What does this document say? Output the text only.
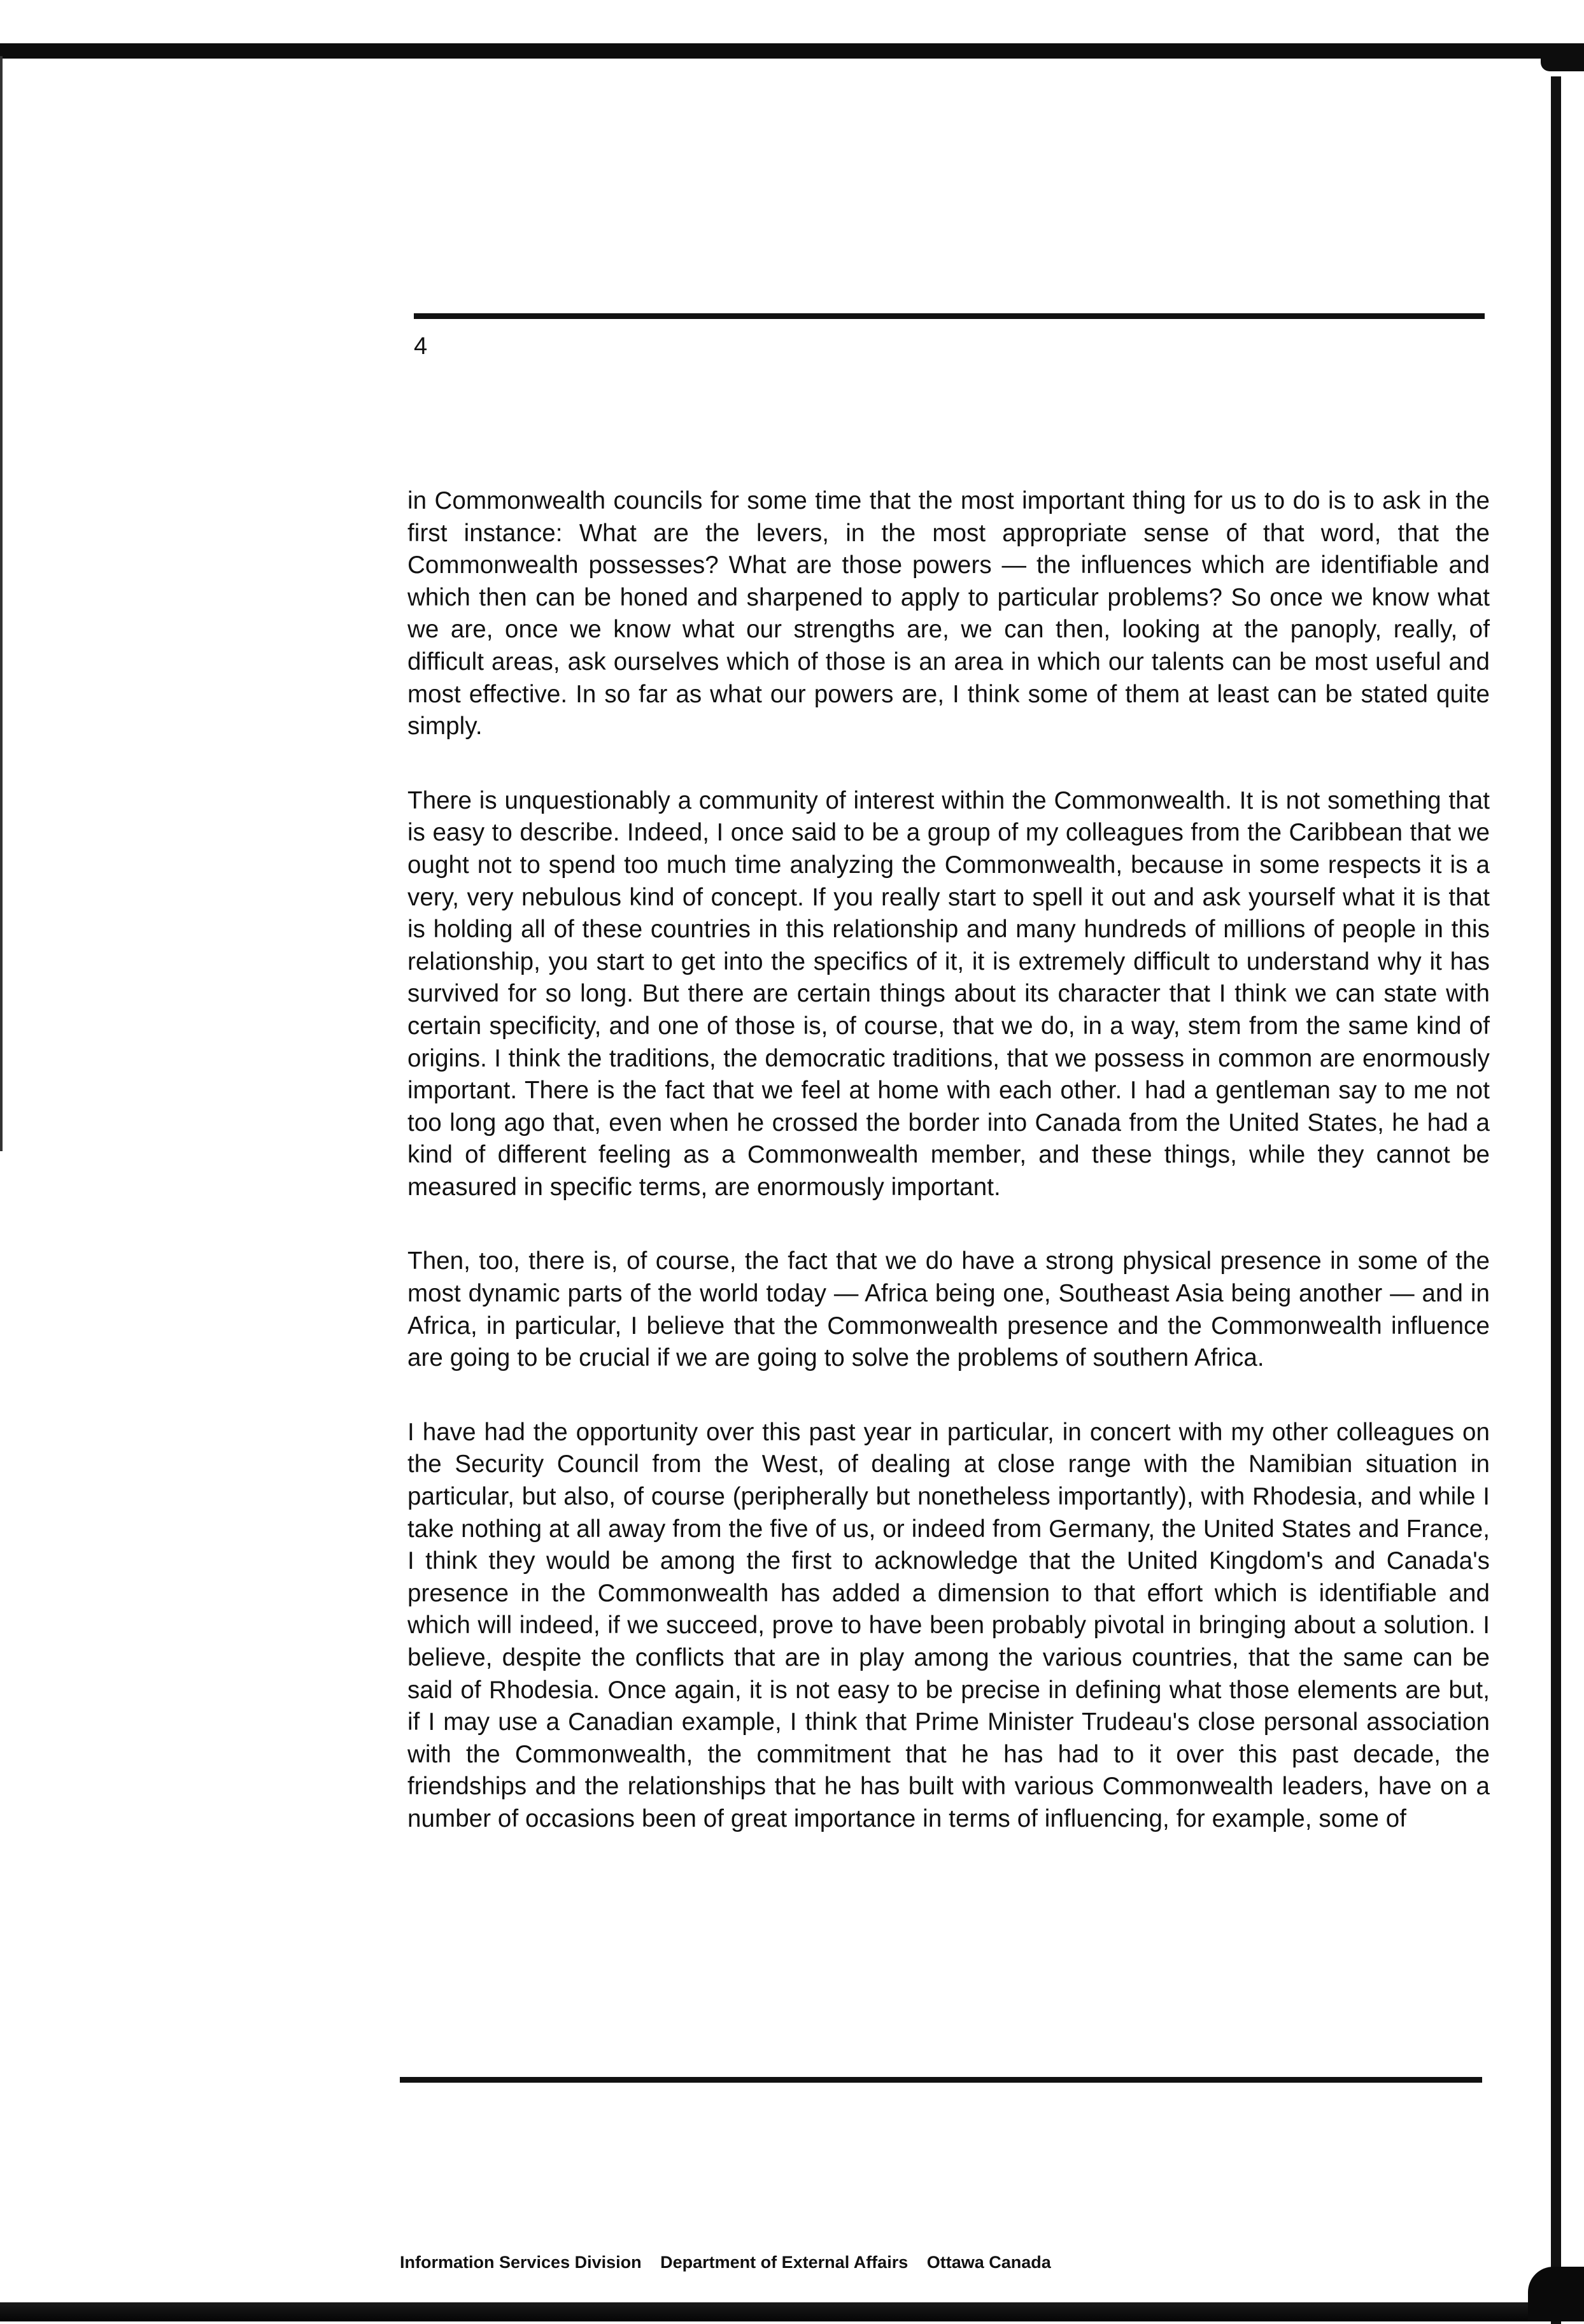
4

in Commonwealth councils for some time that the most important thing for us to do is to ask in the first instance: What are the levers, in the most appropriate sense of that word, that the Commonwealth possesses? What are those powers — the influences which are identifiable and which then can be honed and sharpened to apply to particular problems? So once we know what we are, once we know what our strengths are, we can then, looking at the panoply, really, of difficult areas, ask ourselves which of those is an area in which our talents can be most useful and most effective. In so far as what our powers are, I think some of them at least can be stated quite simply.

There is unquestionably a community of interest within the Commonwealth. It is not something that is easy to describe. Indeed, I once said to be a group of my colleagues from the Caribbean that we ought not to spend too much time analyzing the Commonwealth, because in some respects it is a very, very nebulous kind of concept. If you really start to spell it out and ask yourself what it is that is holding all of these countries in this relationship and many hundreds of millions of people in this relationship, you start to get into the specifics of it, it is extremely difficult to understand why it has survived for so long. But there are certain things about its character that I think we can state with certain specificity, and one of those is, of course, that we do, in a way, stem from the same kind of origins. I think the traditions, the democratic traditions, that we possess in common are enormously important. There is the fact that we feel at home with each other. I had a gentleman say to me not too long ago that, even when he crossed the border into Canada from the United States, he had a kind of different feeling as a Commonwealth member, and these things, while they cannot be measured in specific terms, are enormously important.

Then, too, there is, of course, the fact that we do have a strong physical presence in some of the most dynamic parts of the world today — Africa being one, Southeast Asia being another — and in Africa, in particular, I believe that the Commonwealth presence and the Commonwealth influence are going to be crucial if we are going to solve the problems of southern Africa.

I have had the opportunity over this past year in particular, in concert with my other colleagues on the Security Council from the West, of dealing at close range with the Namibian situation in particular, but also, of course (peripherally but nonetheless importantly), with Rhodesia, and while I take nothing at all away from the five of us, or indeed from Germany, the United States and France, I think they would be among the first to acknowledge that the United Kingdom's and Canada's presence in the Commonwealth has added a dimension to that effort which is identifiable and which will indeed, if we succeed, prove to have been probably pivotal in bringing about a solution. I believe, despite the conflicts that are in play among the various countries, that the same can be said of Rhodesia. Once again, it is not easy to be precise in defining what those elements are but, if I may use a Canadian example, I think that Prime Minister Trudeau's close personal association with the Commonwealth, the commitment that he has had to it over this past decade, the friendships and the relationships that he has built with various Commonwealth leaders, have on a number of occasions been of great importance in terms of influencing, for example, some of

Information Services Division Department of External Affairs Ottawa Canada
